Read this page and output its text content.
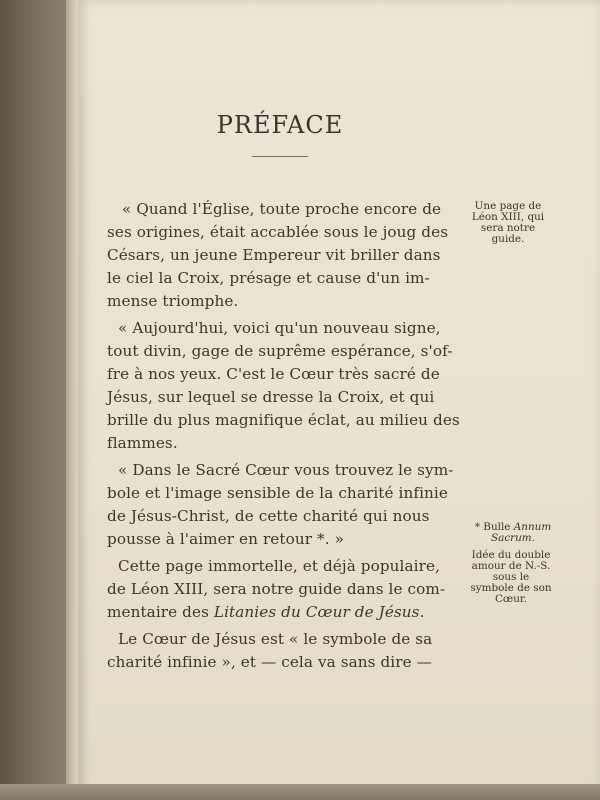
PRÉFACE
« Quand l'Église, toute proche encore de
ses origines, était accablée sous le joug des
Césars, un jeune Empereur vit briller dans
le ciel la Croix, présage et cause d'un im-
mense triomphe.
« Aujourd'hui, voici qu'un nouveau signe,
tout divin, gage de suprême espérance, s'of-
fre à nos yeux. C'est le Cœur très sacré de
Jésus, sur lequel se dresse la Croix, et qui
brille du plus magnifique éclat, au milieu des
flammes.
« Dans le Sacré Cœur vous trouvez le sym-
bole et l'image sensible de la charité infinie
de Jésus-Christ, de cette charité qui nous
pousse à l'aimer en retour *. »
Cette page immortelle, et déjà populaire,
de Léon XIII, sera notre guide dans le com-
mentaire des Litanies du Cœur de Jésus.
Le Cœur de Jésus est « le symbole de sa
charité infinie », et — cela va sans dire —
Une page de
Léon XIII, qui
sera notre
guide.
* Bulle Annum
Sacrum.
Idée du double
amour de N.-S.
sous le
symbole de son
Cœur.
